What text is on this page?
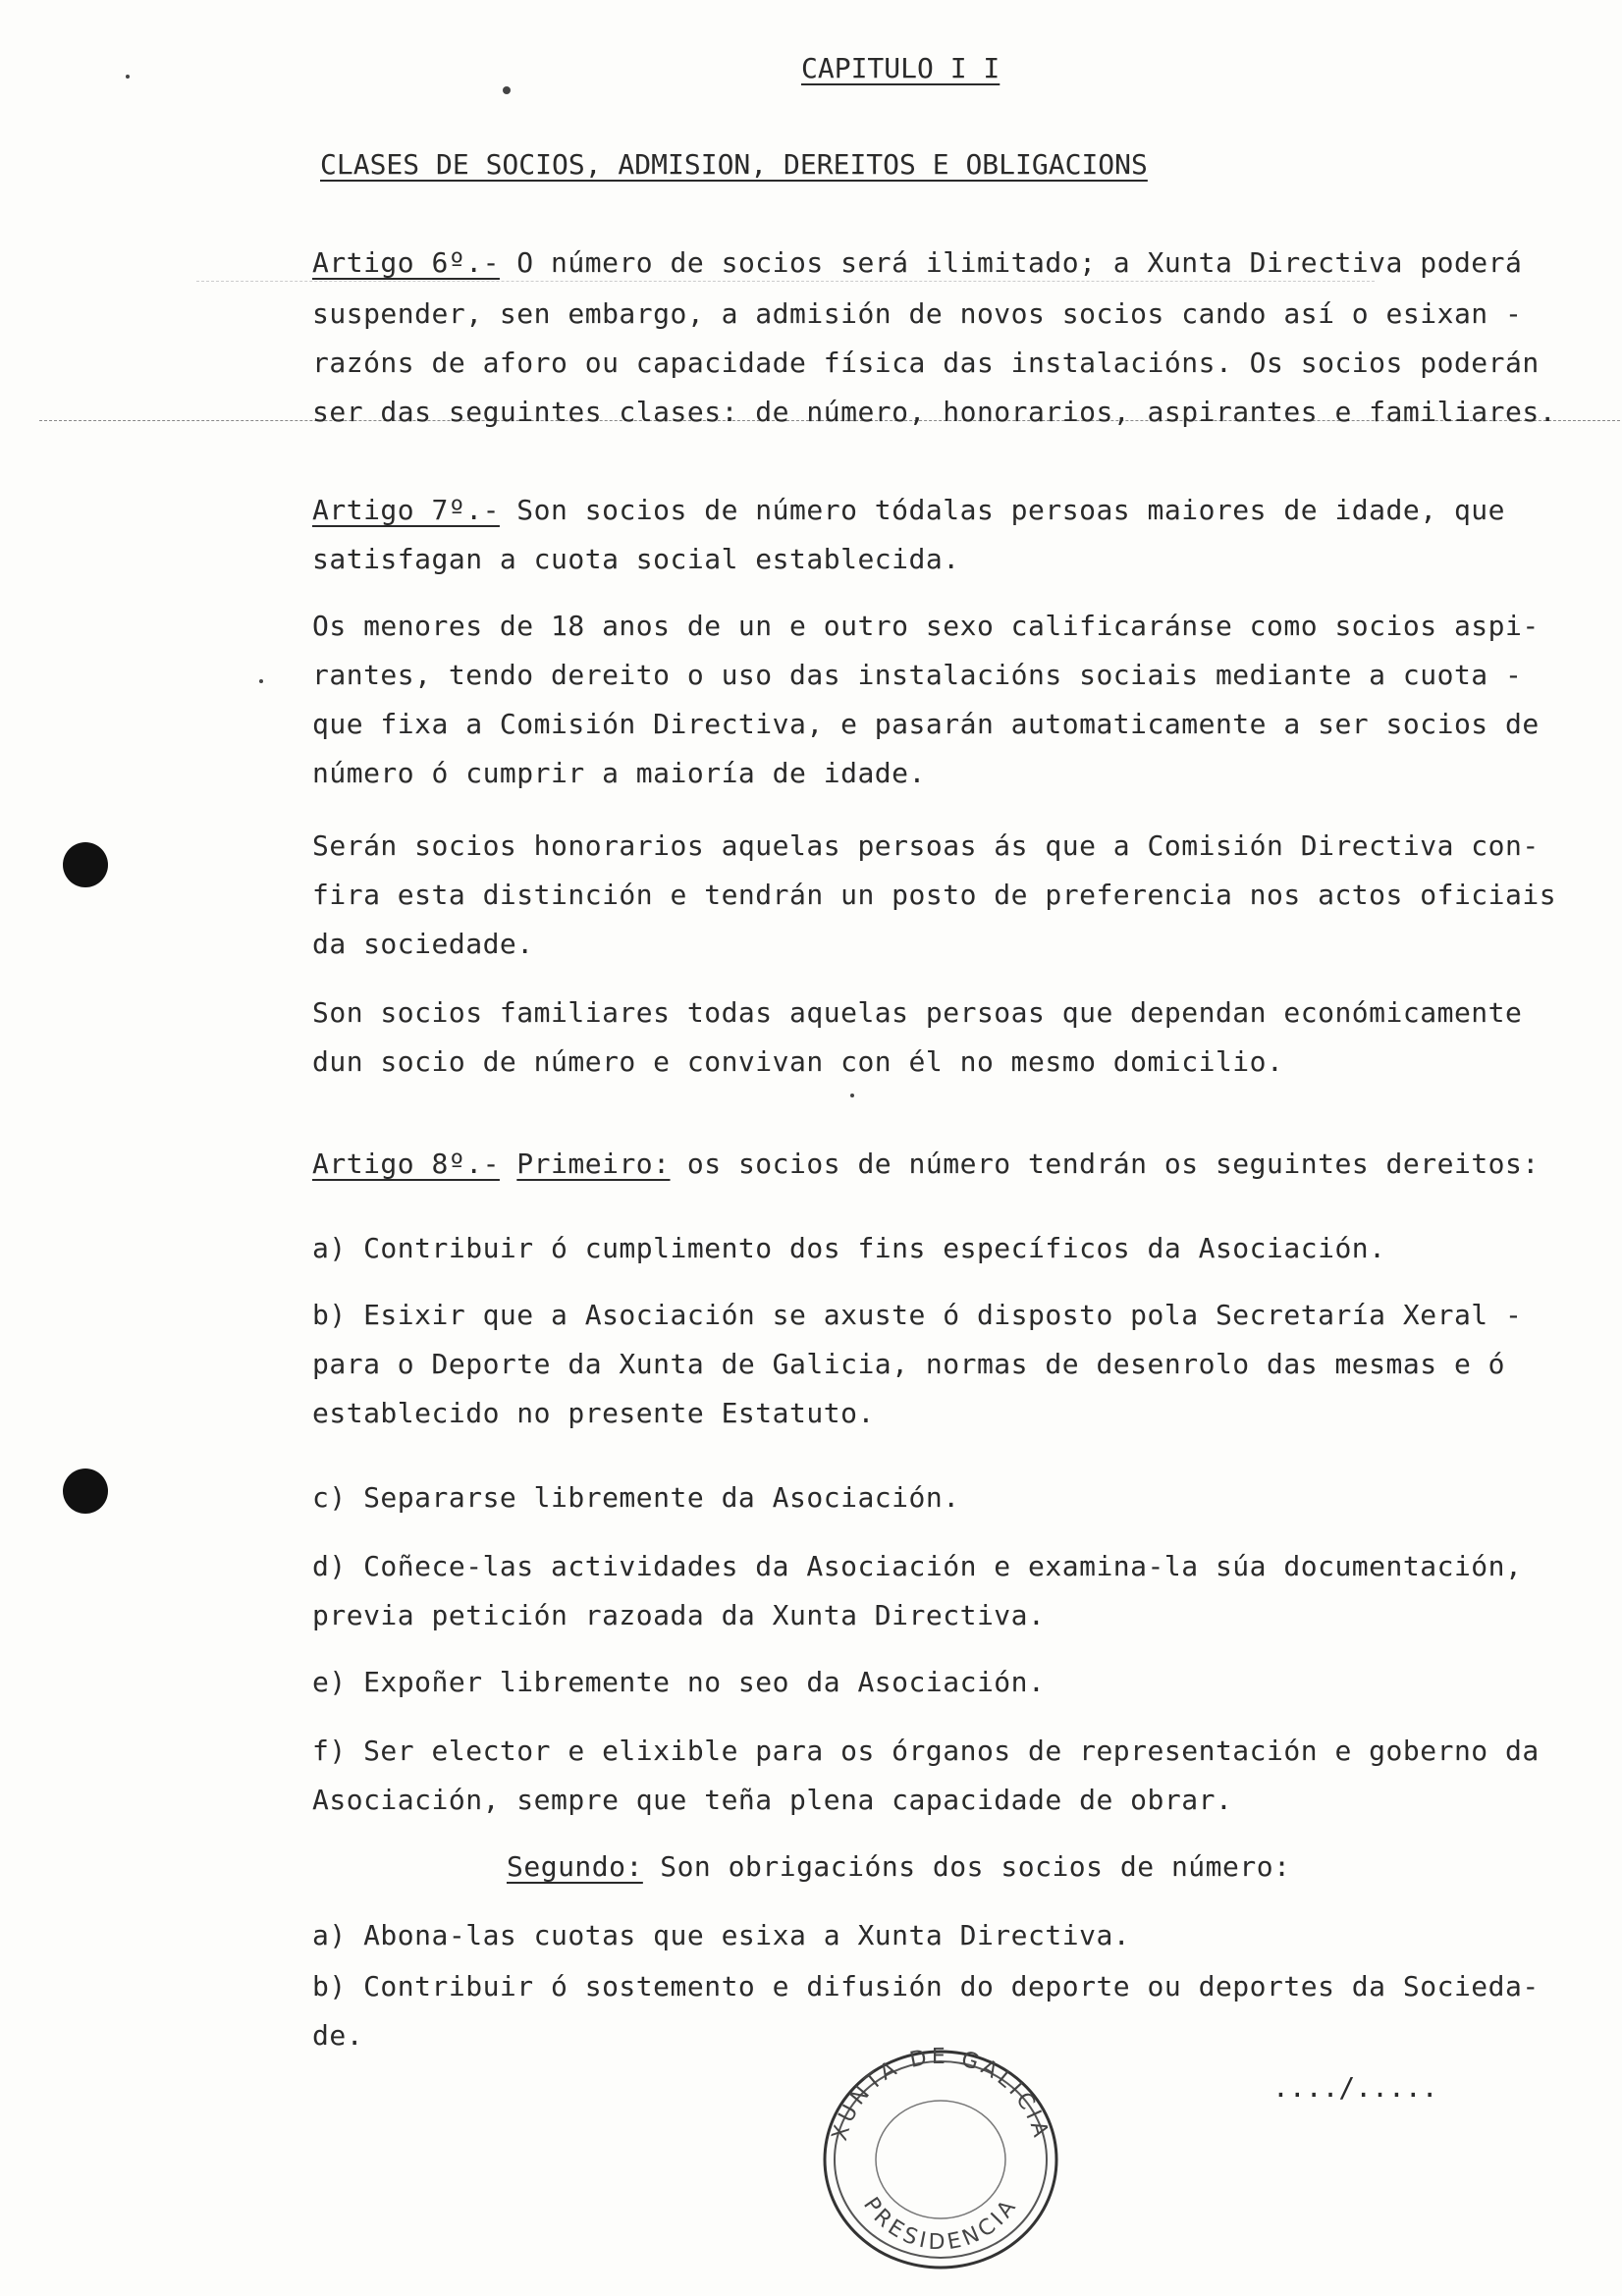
CAPITULO I I
CLASES DE SOCIOS, ADMISION, DEREITOS E OBLIGACIONS
Artigo 6º.- O número de socios será ilimitado; a Xunta Directiva poderá
suspender, sen embargo, a admisión de novos socios cando así o esixan -
razóns de aforo ou capacidade física das instalacións. Os socios poderán
ser das seguintes clases: de número, honorarios, aspirantes e familiares.
Artigo 7º.- Son socios de número tódalas persoas maiores de idade, que
satisfagan a cuota social establecida.
Os menores de 18 anos de un e outro sexo calificaránse como socios aspi-
rantes, tendo dereito o uso das instalacións sociais mediante a cuota -
que fixa a Comisión Directiva, e pasarán automaticamente a ser socios de
número ó cumprir a maioría de idade.
Serán socios honorarios aquelas persoas ás que a Comisión Directiva con-
fira esta distinción e tendrán un posto de preferencia nos actos oficiais
da sociedade.
Son socios familiares todas aquelas persoas que dependan económicamente
dun socio de número e convivan con él no mesmo domicilio.
Artigo 8º.- Primeiro: os socios de número tendrán os seguintes dereitos:
a) Contribuir ó cumplimento dos fins específicos da Asociación.
b) Esixir que a Asociación se axuste ó disposto pola Secretaría Xeral -
para o Deporte da Xunta de Galicia, normas de desenrolo das mesmas e ó
establecido no presente Estatuto.
c) Separarse libremente da Asociación.
d) Coñece-las actividades da Asociación e examina-la súa documentación,
previa petición razoada da Xunta Directiva.
e) Expoñer libremente no seo da Asociación.
f) Ser elector e elixible para os órganos de representación e goberno da
Asociación, sempre que teña plena capacidade de obrar.
Segundo: Son obrigacións dos socios de número:
a) Abona-las cuotas que esixa a Xunta Directiva.
b) Contribuir ó sostemento e difusión do deporte ou deportes da Socieda-
de.
XUNTA DE GALICIA
PRESIDENCIA
..../.....
